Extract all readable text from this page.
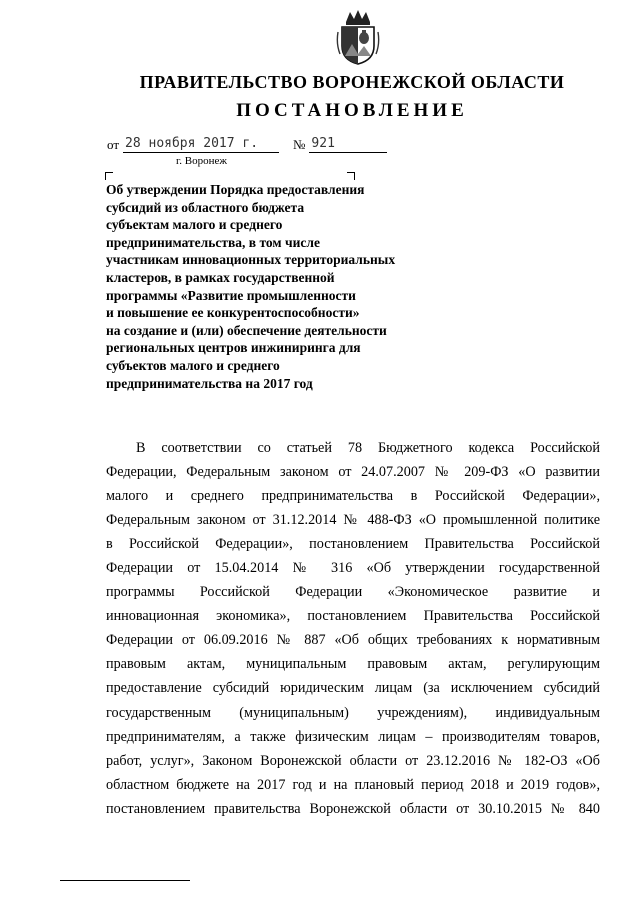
ПРАВИТЕЛЬСТВО ВОРОНЕЖСКОЙ ОБЛАСТИ
ПОСТАНОВЛЕНИЕ
от 28 ноября 2017 г.	№ 921
г. Воронеж
Об утверждении Порядка предоставления
субсидий из областного бюджета
субъектам малого и среднего
предпринимательства, в том числе
участникам инновационных территориальных
кластеров, в рамках государственной
программы «Развитие промышленности
и повышение ее конкурентоспособности»
на создание и (или) обеспечение деятельности
региональных центров инжиниринга для
субъектов малого и среднего
предпринимательства на 2017 год
В соответствии со статьей 78 Бюджетного кодекса Российской
Федерации, Федеральным законом от 24.07.2007 № 209-ФЗ «О развитии
малого и среднего предпринимательства в Российской Федерации»,
Федеральным законом от 31.12.2014 № 488-ФЗ «О промышленной политике
в Российской Федерации», постановлением Правительства Российской
Федерации от 15.04.2014 № 316 «Об утверждении государственной
программы Российской Федерации «Экономическое развитие и
инновационная экономика», постановлением Правительства Российской
Федерации от 06.09.2016 № 887 «Об общих требованиях к нормативным
правовым актам, муниципальным правовым актам, регулирующим
предоставление субсидий юридическим лицам (за исключением субсидий
государственным (муниципальным) учреждениям), индивидуальным
предпринимателям, а также физическим лицам – производителям товаров,
работ, услуг», Законом Воронежской области от 23.12.2016 № 182-ОЗ «Об
областном бюджете на 2017 год и на плановый период 2018 и 2019 годов»,
постановлением правительства Воронежской области от 30.10.2015 № 840
